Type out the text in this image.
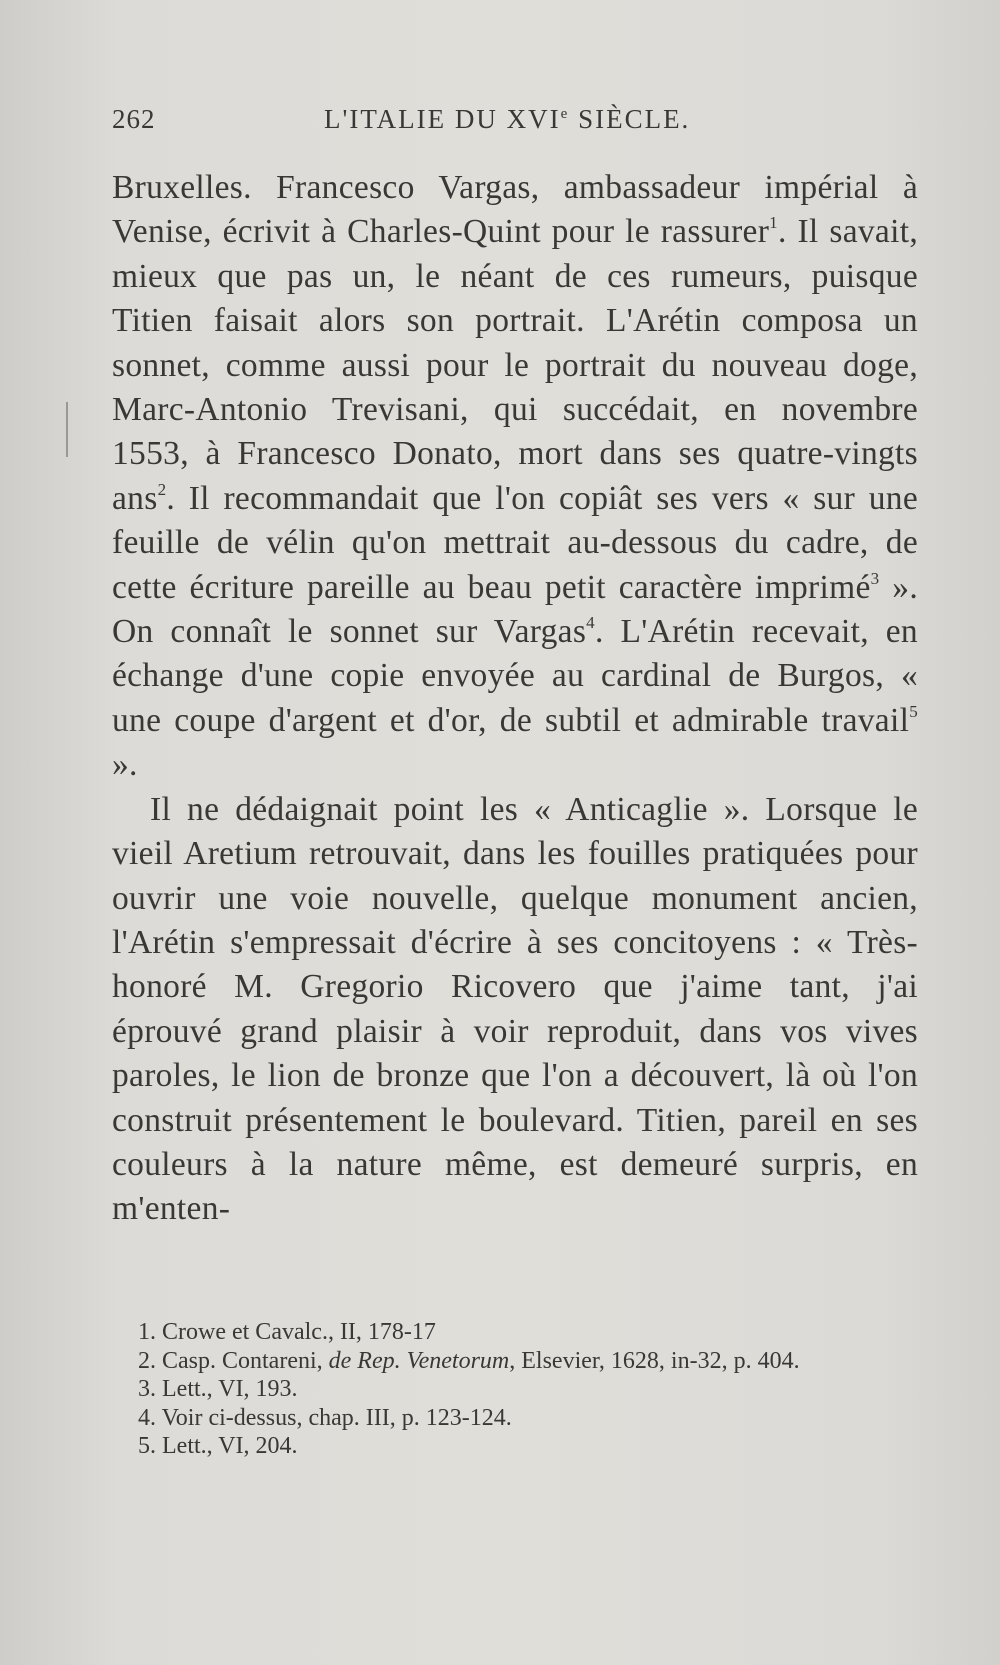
262	L'ITALIE DU XVIe SIÈCLE.

Bruxelles. Francesco Vargas, ambassadeur impérial à Venise, écrivit à Charles-Quint pour le rassurer$^1$. Il savait, mieux que pas un, le néant de ces rumeurs, puisque Titien faisait alors son portrait. L'Arétin composa un sonnet, comme aussi pour le portrait du nouveau doge, Marc-Antonio Trevisani, qui succédait, en novembre 1553, à Francesco Donato, mort dans ses quatre-vingts ans$^2$. Il recommandait que l'on copiât ses vers « sur une feuille de vélin qu'on mettrait au-dessous du cadre, de cette écriture pareille au beau petit caractère imprimé$^3$ ». On connaît le sonnet sur Vargas$^4$. L'Arétin recevait, en échange d'une copie envoyée au cardinal de Burgos, « une coupe d'argent et d'or, de subtil et admirable travail$^5$ ».

Il ne dédaignait point les « Anticaglie ». Lorsque le vieil Aretium retrouvait, dans les fouilles pratiquées pour ouvrir une voie nouvelle, quelque monument ancien, l'Arétin s'empressait d'écrire à ses concitoyens : « Très-honoré M. Gregorio Ricovero que j'aime tant, j'ai éprouvé grand plaisir à voir reproduit, dans vos vives paroles, le lion de bronze que l'on a découvert, là où l'on construit présentement le boulevard. Titien, pareil en ses couleurs à la nature même, est demeuré surpris, en m'enten-

1. Crowe et Cavalc., II, 178-17

2. Casp. Contareni, de Rep. Venetorum, Elsevier, 1628, in-32, p. 404.

3. Lett., VI, 193.

4. Voir ci-dessus, chap. III, p. 123-124.

5. Lett., VI, 204.
